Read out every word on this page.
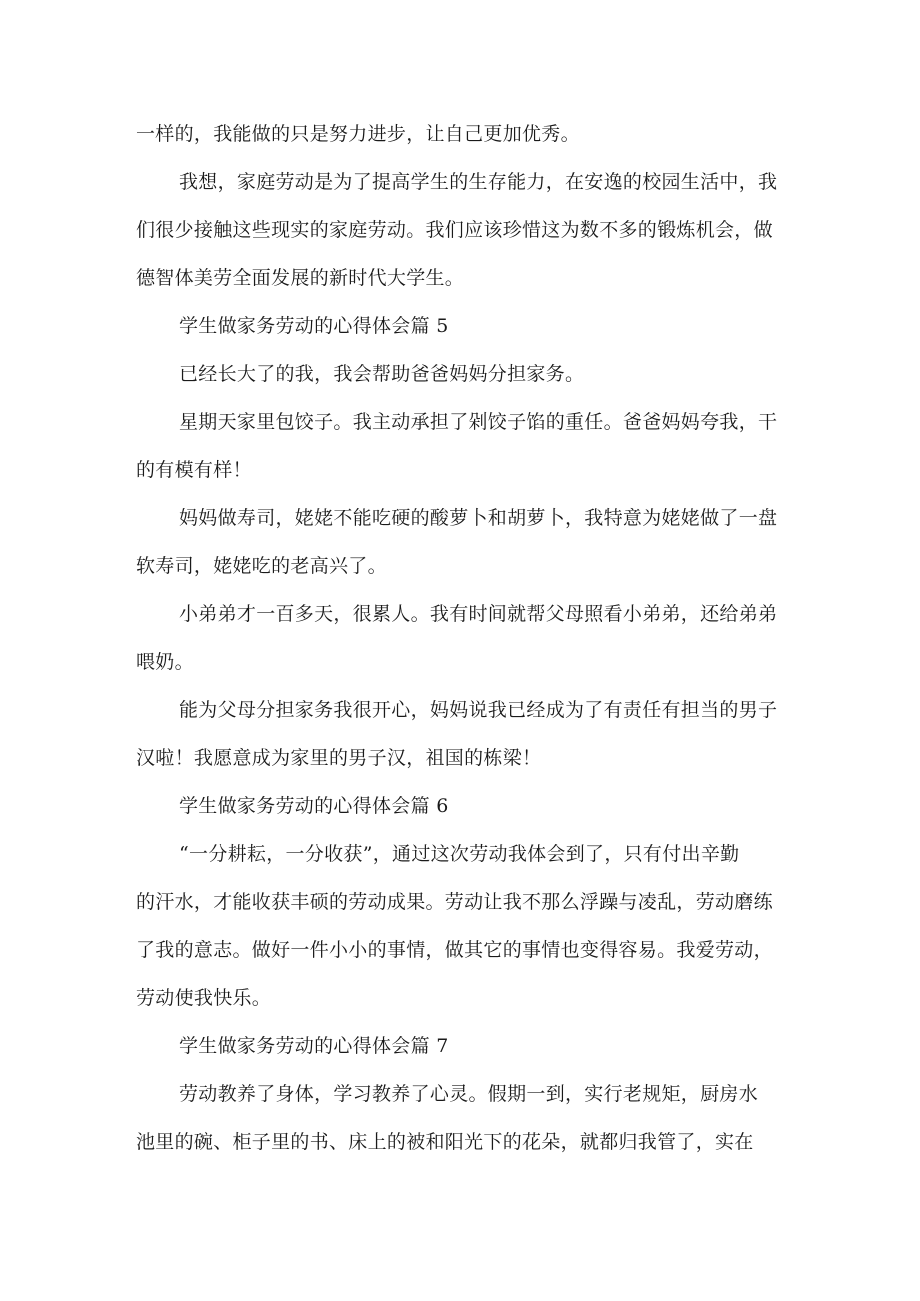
一样的，我能做的只是努力进步，让自己更加优秀。
我想，家庭劳动是为了提高学生的生存能力，在安逸的校园生活中，我
们很少接触这些现实的家庭劳动。我们应该珍惜这为数不多的锻炼机会，做
德智体美劳全面发展的新时代大学生。
学生做家务劳动的心得体会篇 5
已经长大了的我，我会帮助爸爸妈妈分担家务。
星期天家里包饺子。我主动承担了剁饺子馅的重任。爸爸妈妈夸我，干
的有模有样！
妈妈做寿司，姥姥不能吃硬的酸萝卜和胡萝卜，我特意为姥姥做了一盘
软寿司，姥姥吃的老高兴了。
小弟弟才一百多天，很累人。我有时间就帮父母照看小弟弟，还给弟弟
喂奶。
能为父母分担家务我很开心，妈妈说我已经成为了有责任有担当的男子
汉啦！我愿意成为家里的男子汉，祖国的栋梁！
学生做家务劳动的心得体会篇 6
“一分耕耘，一分收获”，通过这次劳动我体会到了，只有付出辛勤
的汗水，才能收获丰硕的劳动成果。劳动让我不那么浮躁与凌乱，劳动磨练
了我的意志。做好一件小小的事情，做其它的事情也变得容易。我爱劳动，
劳动使我快乐。
学生做家务劳动的心得体会篇 7
劳动教养了身体，学习教养了心灵。假期一到，实行老规矩，厨房水
池里的碗、柜子里的书、床上的被和阳光下的花朵，就都归我管了，实在
